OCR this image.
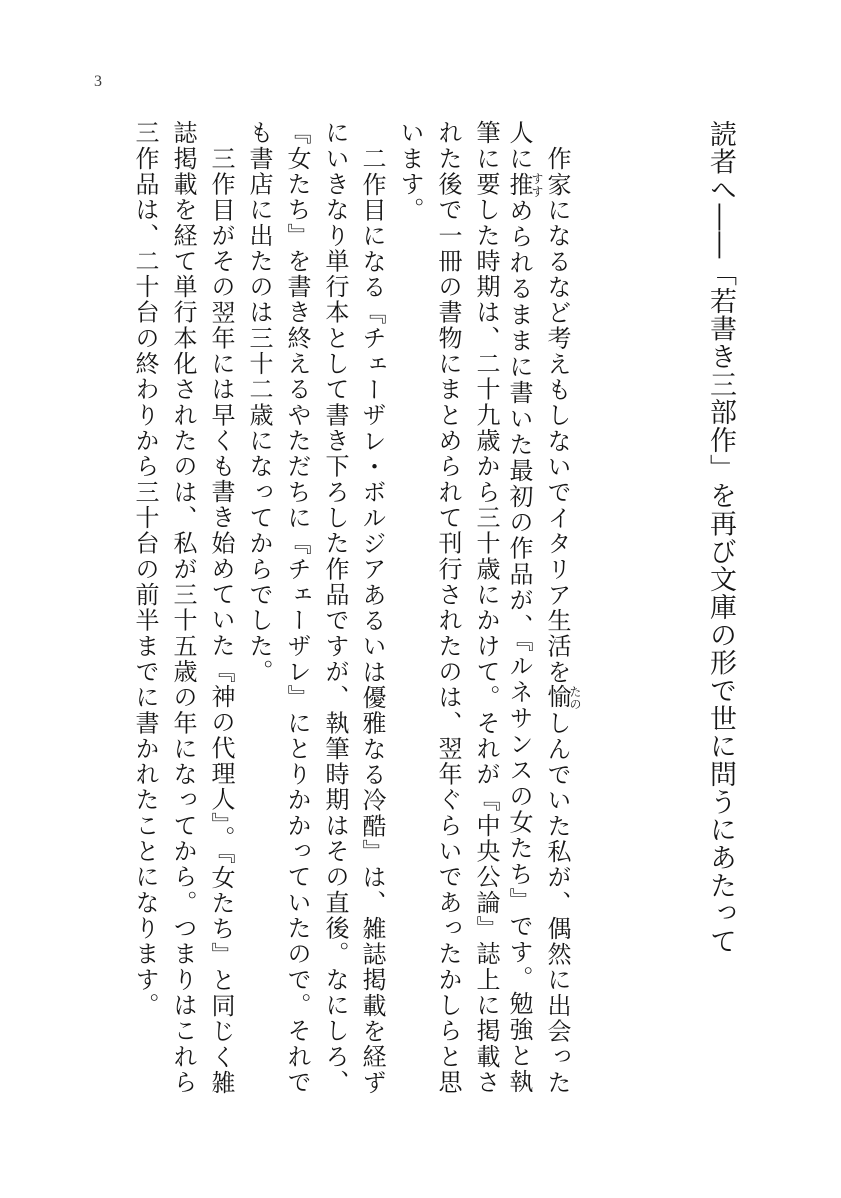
3
読者へ――「若書き三部作」を再び文庫の形で世に問うにあたって
作家になるなど考えもしないでイタリア生活を愉たのしんでいた私が、偶然に出会った
人に推すすめられるままに書いた最初の作品が、『ルネサンスの女たち』です。勉強と執
筆に要した時期は、二十九歳から三十歳にかけて。それが『中央公論』誌上に掲載さ
れた後で一冊の書物にまとめられて刊行されたのは、翌年ぐらいであったかしらと思
います。
二作目になる『チェーザレ・ボルジアあるいは優雅なる冷酷』は、雑誌掲載を経ず
にいきなり単行本として書き下ろした作品ですが、執筆時期はその直後。なにしろ、
『女たち』を書き終えるやただちに『チェーザレ』にとりかかっていたので。それで
も書店に出たのは三十二歳になってからでした。
三作目がその翌年には早くも書き始めていた『神の代理人』。『女たち』と同じく雑
誌掲載を経て単行本化されたのは、私が三十五歳の年になってから。つまりはこれら
三作品は、二十台の終わりから三十台の前半までに書かれたことになります。
